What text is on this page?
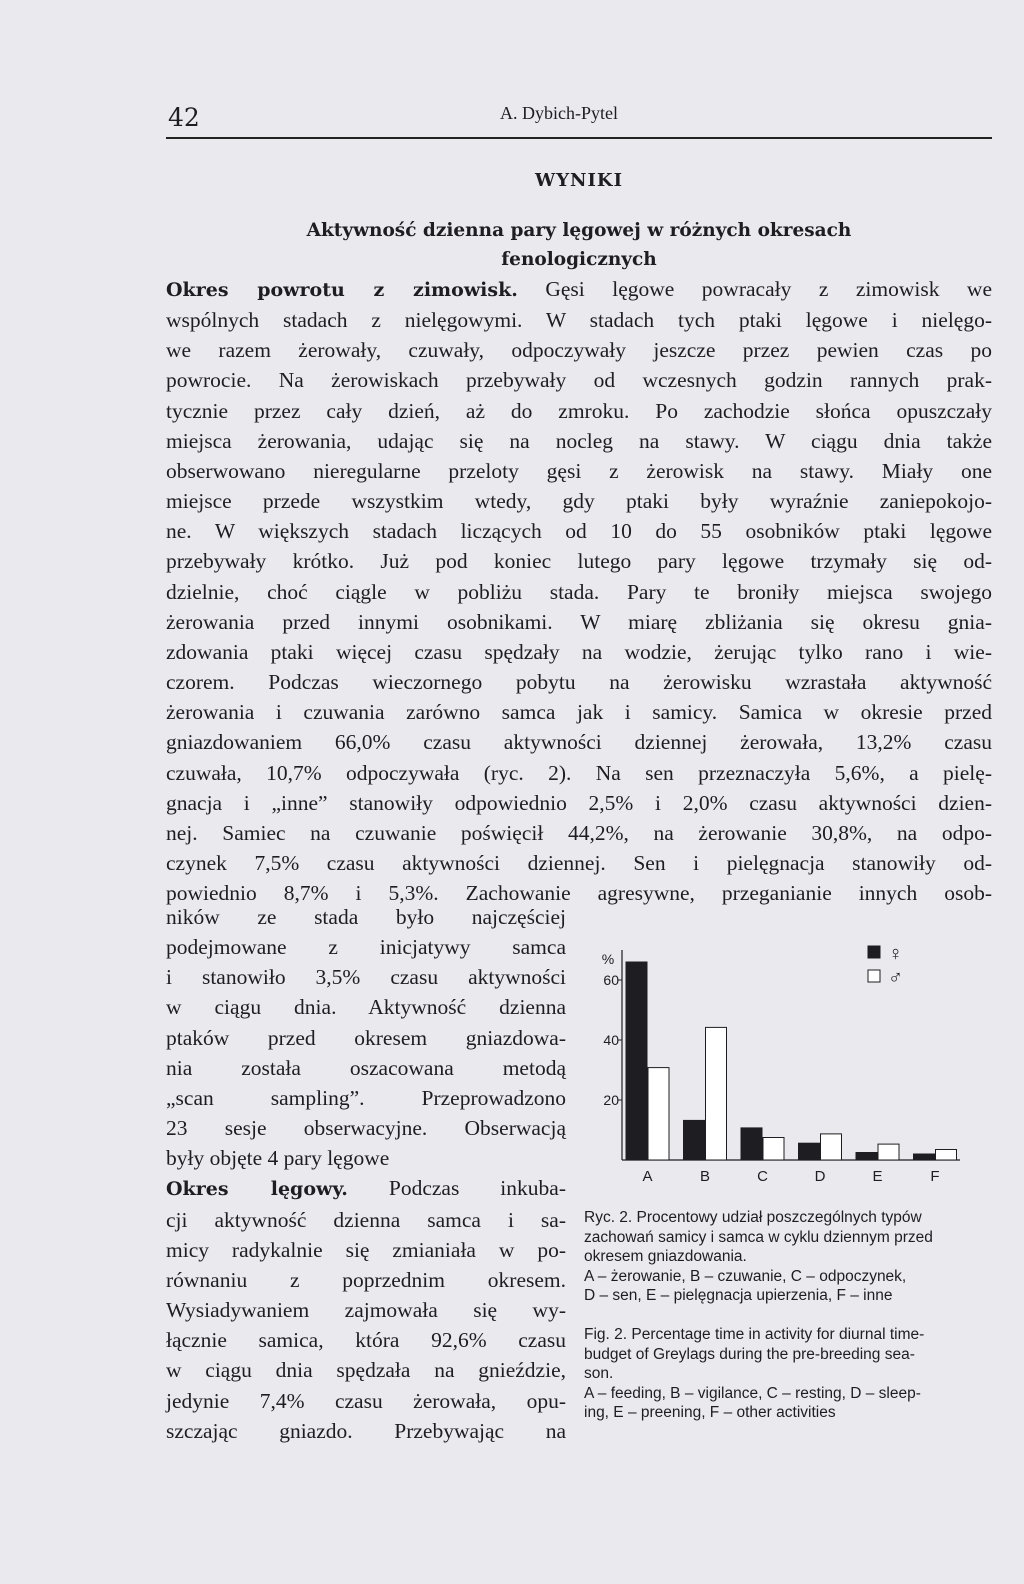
42	A. Dybich-Pytel
WYNIKI
Aktywność dzienna pary lęgowej w różnych okresach
fenologicznych
Okres powrotu z zimowisk. Gęsi lęgowe powracały z zimowisk we
wspólnych stadach z nielęgowymi. W stadach tych ptaki lęgowe i nielęgo-
we razem żerowały, czuwały, odpoczywały jeszcze przez pewien czas po
powrocie. Na żerowiskach przebywały od wczesnych godzin rannych prak-
tycznie przez cały dzień, aż do zmroku. Po zachodzie słońca opuszczały
miejsca żerowania, udając się na nocleg na stawy. W ciągu dnia także
obserwowano nieregularne przeloty gęsi z żerowisk na stawy. Miały one
miejsce przede wszystkim wtedy, gdy ptaki były wyraźnie zaniepokojo-
ne. W większych stadach liczących od 10 do 55 osobników ptaki lęgowe
przebywały krótko. Już pod koniec lutego pary lęgowe trzymały się od-
dzielnie, choć ciągle w pobliżu stada. Pary te broniły miejsca swojego
żerowania przed innymi osobnikami. W miarę zbliżania się okresu gnia-
zdowania ptaki więcej czasu spędzały na wodzie, żerując tylko rano i wie-
czorem. Podczas wieczornego pobytu na żerowisku wzrastała aktywność
żerowania i czuwania zarówno samca jak i samicy. Samica w okresie przed
gniazdowaniem 66,0% czasu aktywności dziennej żerowała, 13,2% czasu
czuwała, 10,7% odpoczywała (ryc. 2). Na sen przeznaczyła 5,6%, a pielę-
gnacja i „inne” stanowiły odpowiednio 2,5% i 2,0% czasu aktywności dzien-
nej. Samiec na czuwanie poświęcił 44,2%, na żerowanie 30,8%, na odpo-
czynek 7,5% czasu aktywności dziennej. Sen i pielęgnacja stanowiły od-
powiednio 8,7% i 5,3%. Zachowanie agresywne, przeganianie innych osob-
ników ze stada było najczęściej
podejmowane z inicjatywy samca
i stanowiło 3,5% czasu aktywności
w ciągu dnia. Aktywność dzienna
ptaków przed okresem gniazdowa-
nia została oszacowana metodą
„scan sampling”. Przeprowadzono
23 sesje obserwacyjne. Obserwacją
były objęte 4 pary lęgowe
Okres lęgowy. Podczas inkuba-
cji aktywność dzienna samca i sa-
micy radykalnie się zmianiała w po-
równaniu z poprzednim okresem.
Wysiadywaniem zajmowała się wy-
łącznie samica, która 92,6% czasu
w ciągu dnia spędzała na gnieździe,
jedynie 7,4% czasu żerowała, opu-
szczając gniazdo. Przebywając na
%
20
40
60
A	B	C	D	E	F
♀
♂
Ryc. 2. Procentowy udział poszczególnych typów
zachowań samicy i samca w cyklu dziennym przed
okresem gniazdowania.
A – żerowanie, B – czuwanie, C – odpoczynek,
D – sen, E – pielęgnacja upierzenia, F – inne
Fig. 2. Percentage time in activity for diurnal time-
budget of Greylags during the pre-breeding sea-
son.
A – feeding, B – vigilance, C – resting, D – sleep-
ing, E – preening, F – other activities
